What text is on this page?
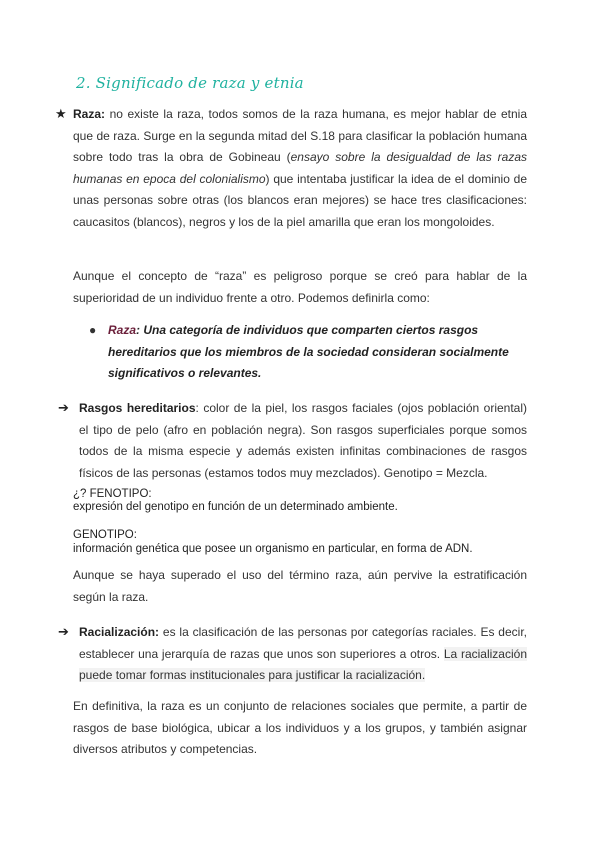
2. Significado de raza y etnia
★ Raza: no existe la raza, todos somos de la raza humana, es mejor hablar de etnia que de raza. Surge en la segunda mitad del S.18 para clasificar la población humana sobre todo tras la obra de Gobineau (ensayo sobre la desigualdad de las razas humanas en epoca del colonialismo) que intentaba justificar la idea de el dominio de unas personas sobre otras (los blancos eran mejores) se hace tres clasificaciones: caucasitos (blancos), negros y los de la piel amarilla que eran los mongoloides.
Aunque el concepto de “raza” es peligroso porque se creó para hablar de la superioridad de un individuo frente a otro. Podemos definirla como:
● Raza: Una categoría de individuos que comparten ciertos rasgos hereditarios que los miembros de la sociedad consideran socialmente significativos o relevantes.
➔ Rasgos hereditarios: color de la piel, los rasgos faciales (ojos población oriental) el tipo de pelo (afro en población negra). Son rasgos superficiales porque somos todos de la misma especie y además existen infinitas combinaciones de rasgos físicos de las personas (estamos todos muy mezclados). Genotipo = Mezcla.
¿? FENOTIPO:
expresión del genotipo en función de un determinado ambiente.
GENOTIPO:
información genética que posee un organismo en particular, en forma de ADN.
Aunque se haya superado el uso del término raza, aún pervive la estratificación según la raza.
➔ Racialización: es la clasificación de las personas por categorías raciales. Es decir, establecer una jerarquía de razas que unos son superiores a otros. La racialización puede tomar formas institucionales para justificar la racialización.
En definitiva, la raza es un conjunto de relaciones sociales que permite, a partir de rasgos de base biológica, ubicar a los individuos y a los grupos, y también asignar diversos atributos y competencias.
